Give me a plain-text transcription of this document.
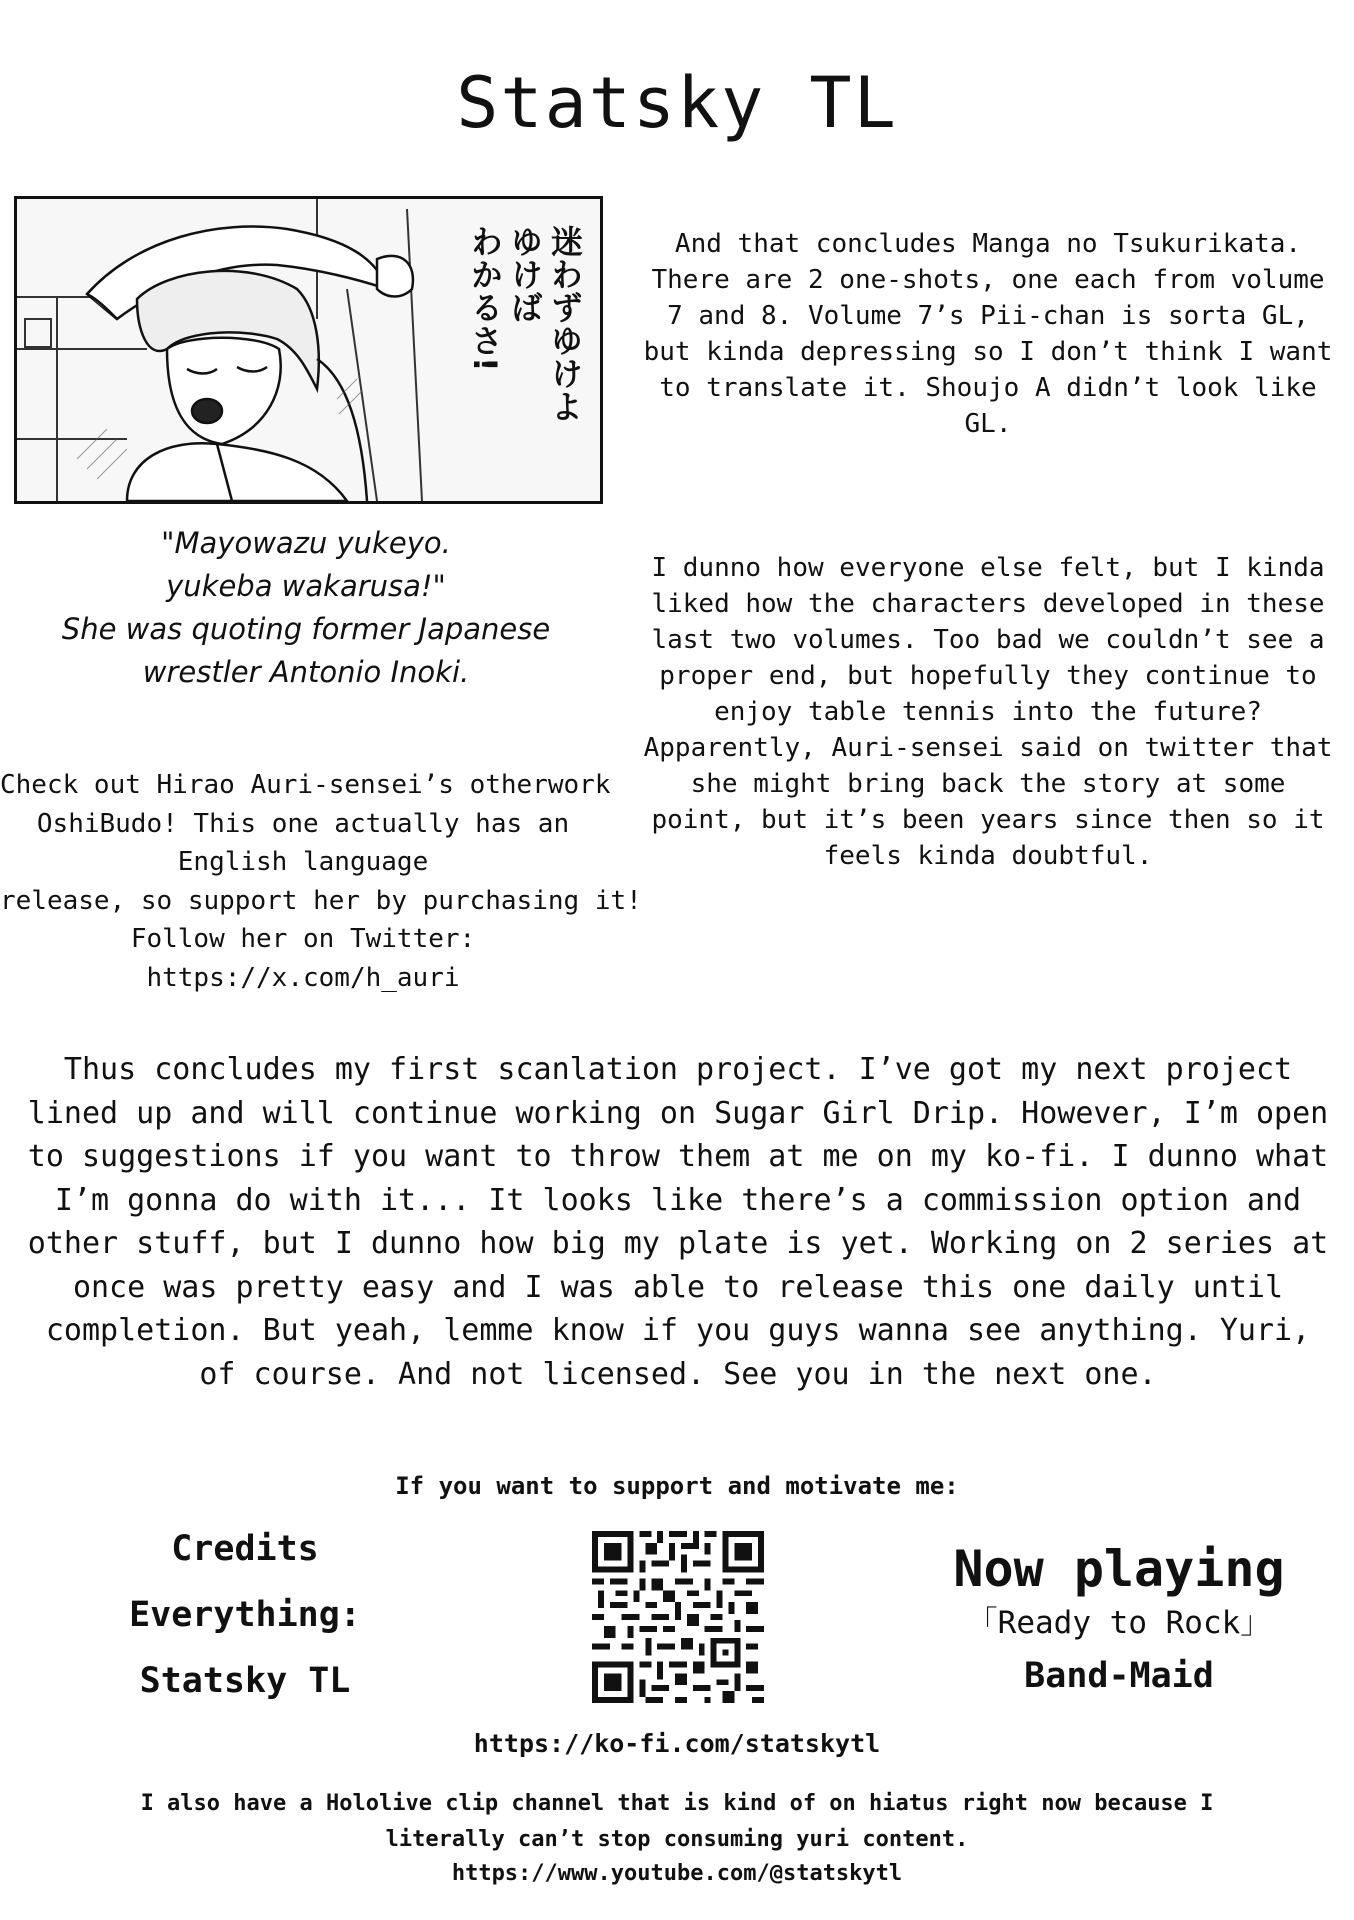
Statsky TL
迷わずゆけよ
ゆけば
わかるさ!
"Mayowazu yukeyo.
yukeba wakarusa!"
She was quoting former Japanese
wrestler Antonio Inoki.

And that concludes Manga no Tsukurikata. There are 2 one-shots, one each from volume 7 and 8. Volume 7’s Pii-chan is sorta GL, but kinda depressing so I don’t think I want to translate it. Shoujo A didn’t look like GL.

I dunno how everyone else felt, but I kinda liked how the characters developed in these last two volumes. Too bad we couldn’t see a proper end, but hopefully they continue to enjoy table tennis into the future? Apparently, Auri-sensei said on twitter that she might bring back the story at some point, but it’s been years since then so it feels kinda doubtful.

Check out Hirao Auri-sensei’s otherwork
OshiBudo! This one actually has an
English language
release, so support her by purchasing it!
Follow her on Twitter:
https://x.com/h_auri
Thus concludes my first scanlation project. I’ve got my next project lined up and will continue working on Sugar Girl Drip. However, I’m open to suggestions if you want to throw them at me on my ko-fi. I dunno what I’m gonna do with it... It looks like there’s a commission option and other stuff, but I dunno how big my plate is yet. Working on 2 series at once was pretty easy and I was able to release this one daily until completion. But yeah, lemme know if you guys wanna see anything. Yuri, of course. And not licensed. See you in the next one.
If you want to support and motivate me:
Credits
Everything:
Statsky TL
Now playing
「Ready to Rock」
Band-Maid
https://ko-fi.com/statskytl
I also have a Hololive clip channel that is kind of on hiatus right now because I literally can’t stop consuming yuri content.
https://www.youtube.com/@statskytl
